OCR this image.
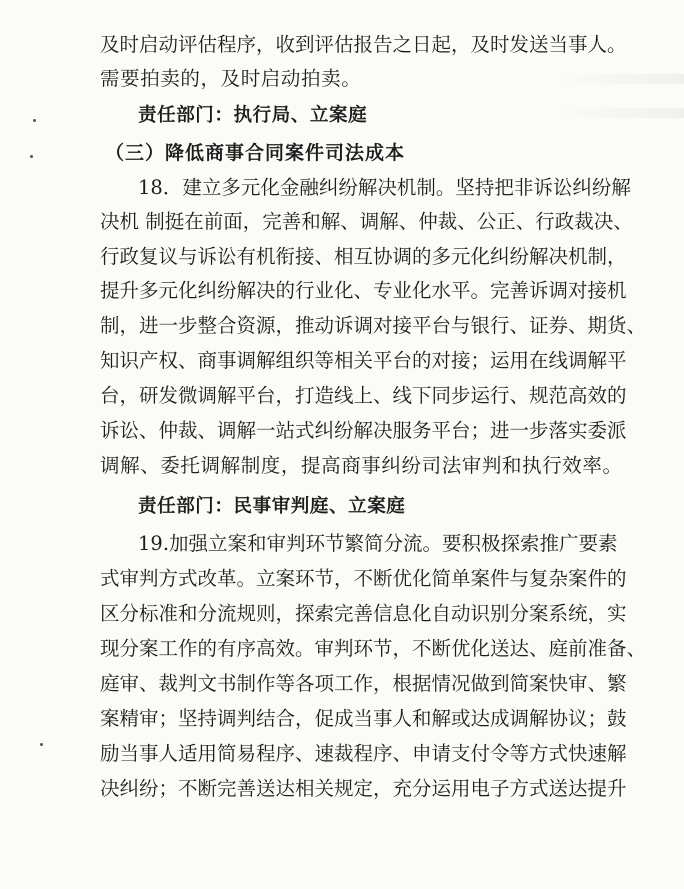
及时启动评估程序，收到评估报告之日起，及时发送当事人。
需要拍卖的，及时启动拍卖。
责任部门：执行局、立案庭
（三）降低商事合同案件司法成本
18．建立多元化金融纠纷解决机制。坚持把非诉讼纠纷解
决机 制挺在前面，完善和解、调解、仲裁、公正、行政裁决、
行政复议与诉讼有机衔接、相互协调的多元化纠纷解决机制，
提升多元化纠纷解决的行业化、专业化水平。完善诉调对接机
制，进一步整合资源，推动诉调对接平台与银行、证券、期货、
知识产权、商事调解组织等相关平台的对接；运用在线调解平
台，研发微调解平台，打造线上、线下同步运行、规范高效的
诉讼、仲裁、调解一站式纠纷解决服务平台；进一步落实委派
调解、委托调解制度，提高商事纠纷司法审判和执行效率。
责任部门：民事审判庭、立案庭
19.加强立案和审判环节繁简分流。要积极探索推广要素
式审判方式改革。立案环节，不断优化简单案件与复杂案件的
区分标准和分流规则，探索完善信息化自动识别分案系统，实
现分案工作的有序高效。审判环节，不断优化送达、庭前准备、
庭审、裁判文书制作等各项工作，根据情况做到简案快审、繁
案精审；坚持调判结合，促成当事人和解或达成调解协议；鼓
励当事人适用简易程序、速裁程序、申请支付令等方式快速解
决纠纷；不断完善送达相关规定，充分运用电子方式送达提升
